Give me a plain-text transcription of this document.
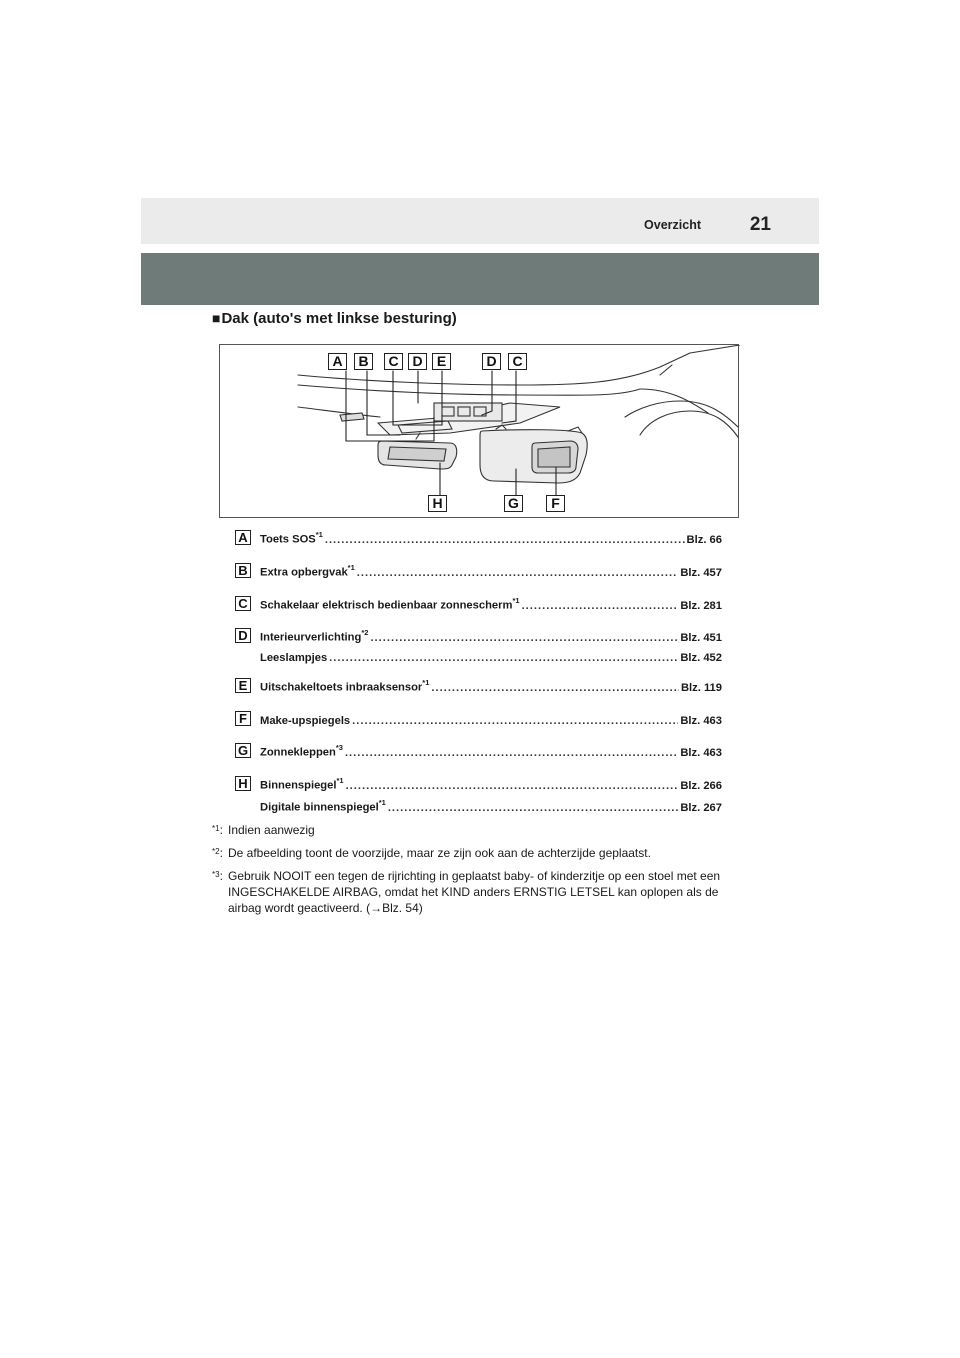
Overzicht	21
■Dak (auto's met linkse besturing)
A	B	C D	E	D	C
H	G	F
A Toets SOS$^{*1}$ .....	Blz. 66
B Extra opbergvak$^{*1}$ .....	Blz. 457
C Schakelaar elektrisch bedienbaar zonnescherm$^{*1}$ .....	Blz. 281
D Interieurverlichting$^{*2}$ .....	Blz. 451
Leeslampjes .....	Blz. 452
E	Uitschakeltoets inbraaksensor$^{*1}$ .....	Blz. 119
F	Make-upspiegels .....	Blz. 463
G Zonnekleppen$^{*3}$ .....	Blz. 463
H Binnenspiegel$^{*1}$ .....	Blz. 266
Digitale binnenspiegel$^{*1}$ .....	Blz. 267
*1: Indien aanwezig
*2: De afbeelding toont de voorzijde, maar ze zijn ook aan de achterzijde geplaatst.
*3: Gebruik NOOIT een tegen de rijrichting in geplaatst baby- of kinderzitje op een stoel met een INGESCHAKELDE AIRBAG, omdat het KIND anders ERNSTIG LETSEL kan oplopen als de airbag wordt geactiveerd. (→Blz. 54)
